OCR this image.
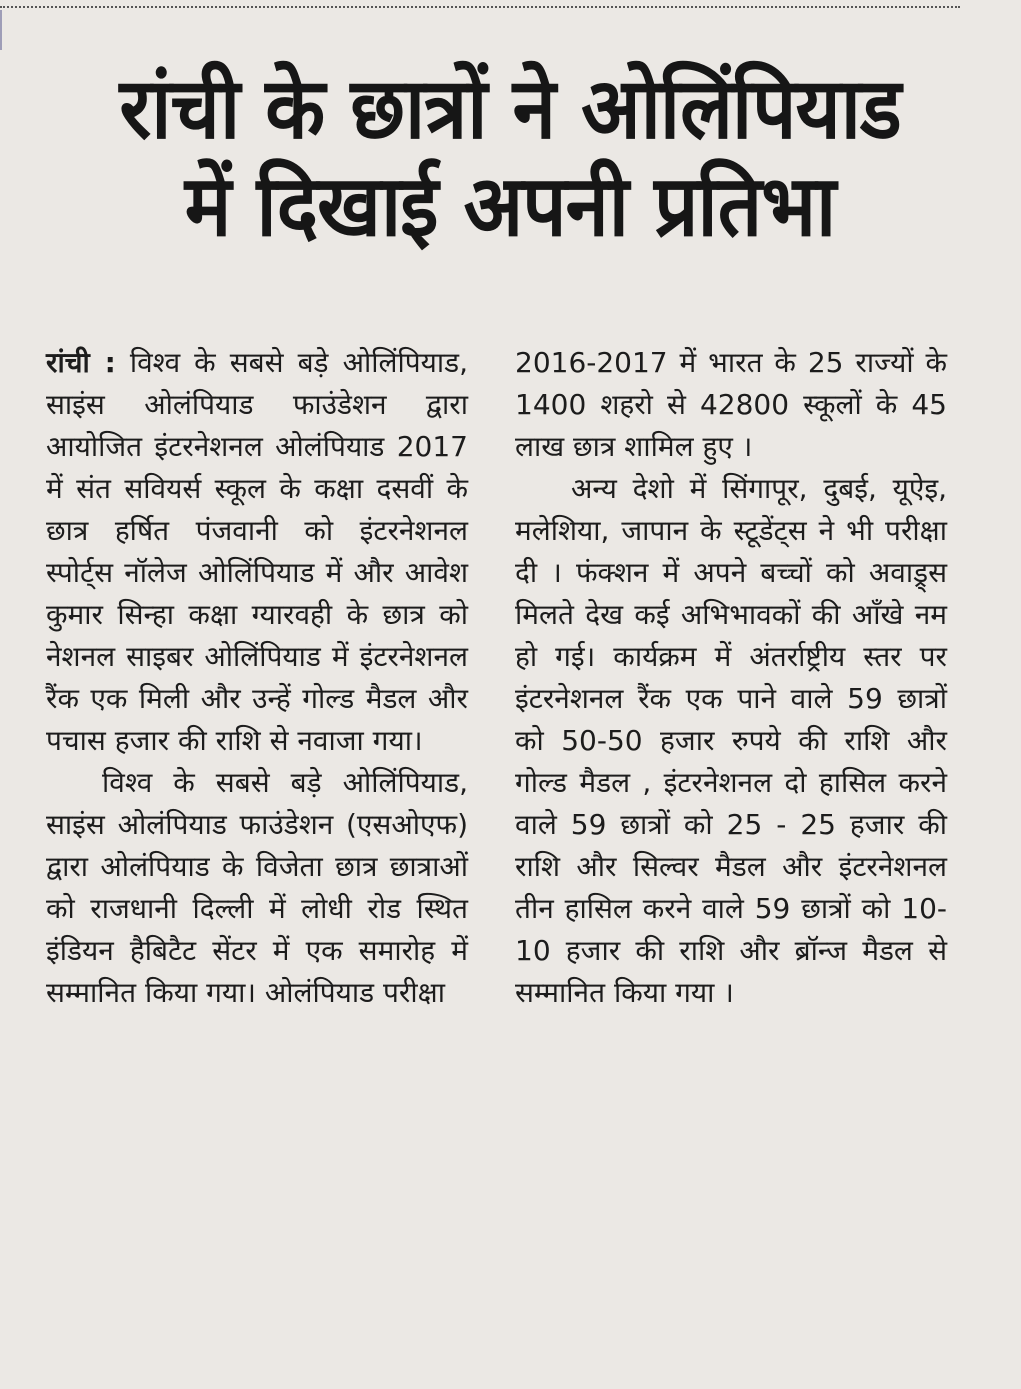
रांची के छात्रों ने ओलिंपियाड
में दिखाई अपनी प्रतिभा

रांची : विश्व के सबसे बड़े ओलिंपियाड, साइंस ओलंपियाड फाउंडेशन द्वारा आयोजित इंटरनेशनल ओलंपियाड 2017 में संत सवियर्स स्कूल के कक्षा दसवीं के छात्र हर्षित पंजवानी को इंटरनेशनल स्पोर्ट्स नॉलेज ओलिंपियाड में और आवेश कुमार सिन्हा कक्षा ग्यारवही के छात्र को नेशनल साइबर ओलिंपियाड में इंटरनेशनल रैंक एक मिली और उन्हें गोल्ड मैडल और पचास हजार की राशि से नवाजा गया।

विश्व के सबसे बड़े ओलिंपियाड, साइंस ओलंपियाड फाउंडेशन (एसओएफ) द्वारा ओलंपियाड के विजेता छात्र छात्राओं को राजधानी दिल्ली में लोधी रोड स्थित इंडियन हैबिटैट सेंटर में एक समारोह में सम्मानित किया गया। ओलंपियाड परीक्षा

2016-2017 में भारत के 25 राज्यों के 1400 शहरो से 42800 स्कूलों के 45 लाख छात्र शामिल हुए ।

अन्य देशो में सिंगापूर, दुबई, यूऐइ, मलेशिया, जापान के स्टूडेंट्स ने भी परीक्षा दी । फंक्शन में अपने बच्चों को अवाड्र्स मिलते देख कई अभिभावकों की आँखे नम हो गई। कार्यक्रम में अंतर्राष्ट्रीय स्तर पर इंटरनेशनल रैंक एक पाने वाले 59 छात्रों को 50-50 हजार रुपये की राशि और गोल्ड मैडल , इंटरनेशनल दो हासिल करने वाले 59 छात्रों को 25 - 25 हजार की राशि और सिल्वर मैडल और इंटरनेशनल तीन हासिल करने वाले 59 छात्रों को 10-10 हजार की राशि और ब्रॉन्ज मैडल से सम्मानित किया गया ।
